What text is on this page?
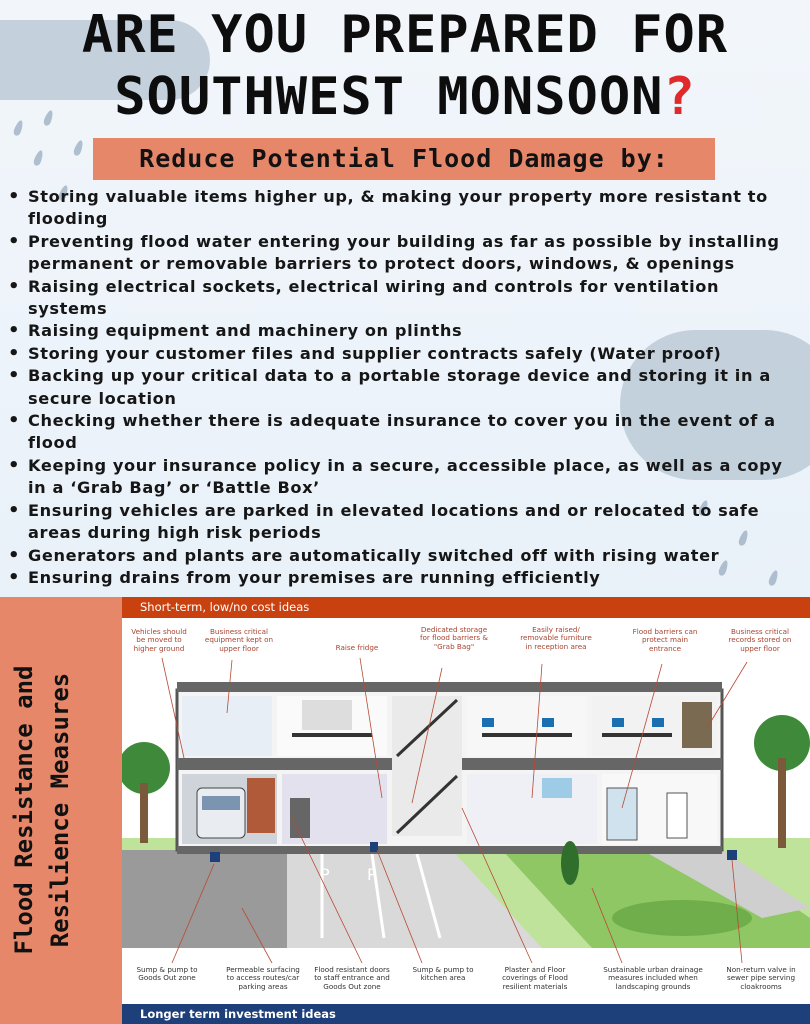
ARE YOU PREPARED FOR
SOUTHWEST MONSOON?
Reduce Potential Flood Damage by:
• Storing valuable items higher up, & making your property more resistant to flooding
• Preventing flood water entering your building as far as possible by installing permanent or removable barriers to protect doors, windows, & openings
• Raising electrical sockets, electrical wiring and controls for ventilation systems
• Raising equipment and machinery on plinths
• Storing your customer files and supplier contracts safely (Water proof)
• Backing up your critical data to a portable storage device and storing it in a secure location
• Checking whether there is adequate insurance to cover you in the event of a flood
• Keeping your insurance policy in a secure, accessible place, as well as a copy in a ‘Grab Bag’ or ‘Battle Box’
• Ensuring vehicles are parked in elevated locations and or relocated to safe areas during high risk periods
• Generators and plants are automatically switched off with rising water
• Ensuring drains from your premises are running efficiently
Flood Resistance and Resilience Measures
Short-term, low/no cost ideas
P P
Vehicles should be moved to higher ground
Business critical equipment kept on upper floor	Raise fridge
Dedicated storage for flood barriers & "Grab Bag"
Easily raised/ removable furniture in reception area
Flood barriers can protect main entrance
Business critical records stored on upper floor
Sump & pump to Goods Out zone
Permeable surfacing to access routes/car parking areas
Flood resistant doors to staff entrance and Goods Out zone
Sump & pump to kitchen area
Plaster and Floor coverings of Flood resilient materials
Sustainable urban drainage measures included when landscaping grounds
Non-return valve in sewer pipe serving cloakrooms
Longer term investment ideas
